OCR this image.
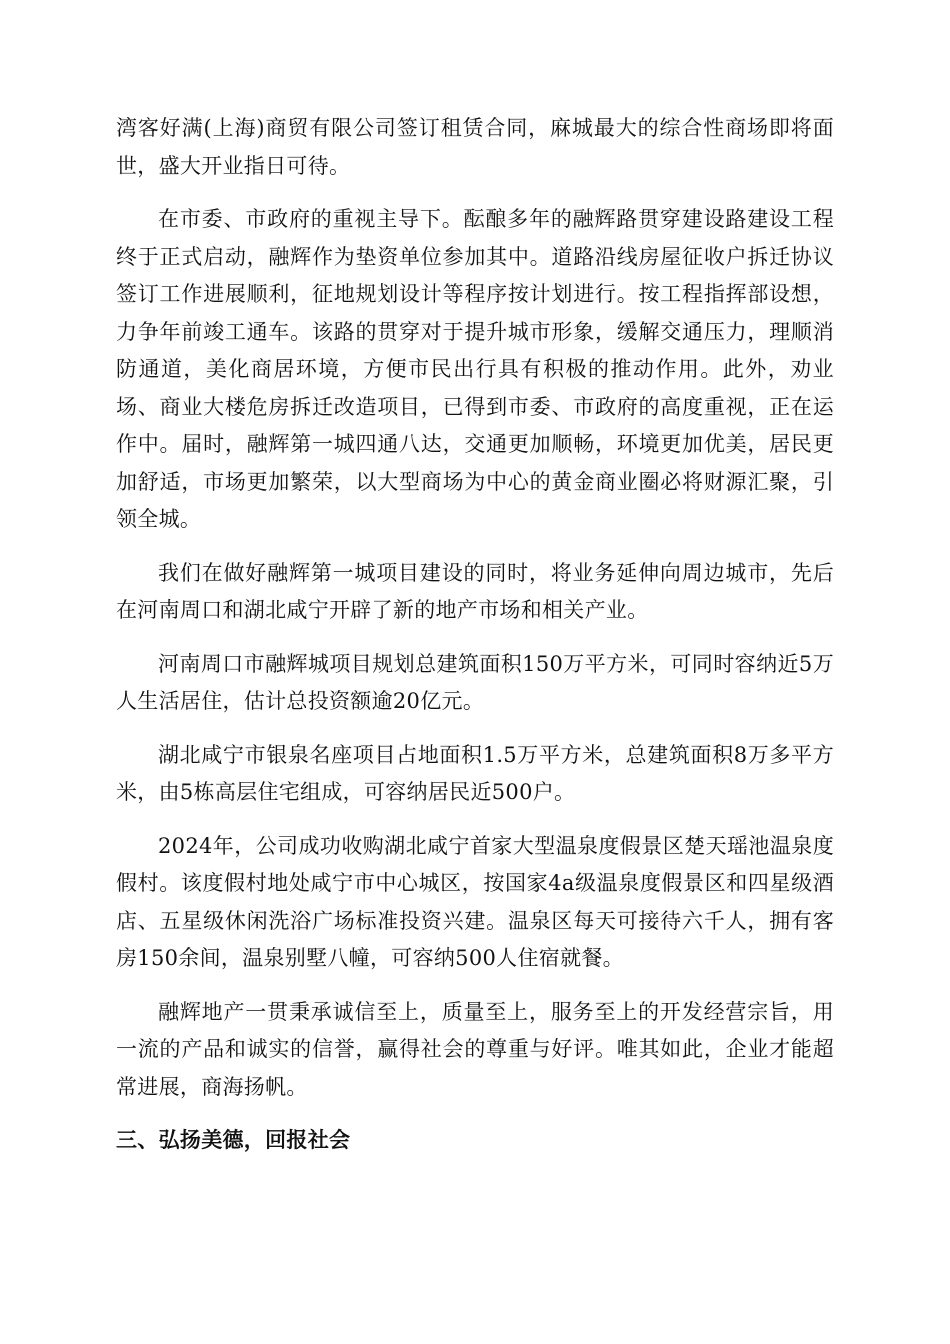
湾客好满(上海)商贸有限公司签订租赁合同，麻城最大的综合性商场即将面世，盛大开业指日可待。

在市委、市政府的重视主导下。酝酿多年的融辉路贯穿建设路建设工程终于正式启动，融辉作为垫资单位参加其中。道路沿线房屋征收户拆迁协议签订工作进展顺利，征地规划设计等程序按计划进行。按工程指挥部设想，力争年前竣工通车。该路的贯穿对于提升城市形象，缓解交通压力，理顺消防通道，美化商居环境，方便市民出行具有积极的推动作用。此外，劝业场、商业大楼危房拆迁改造项目，已得到市委、市政府的高度重视，正在运作中。届时，融辉第一城四通八达，交通更加顺畅，环境更加优美，居民更加舒适，市场更加繁荣，以大型商场为中心的黄金商业圈必将财源汇聚，引领全城。

我们在做好融辉第一城项目建设的同时，将业务延伸向周边城市，先后在河南周口和湖北咸宁开辟了新的地产市场和相关产业。

河南周口市融辉城项目规划总建筑面积150万平方米，可同时容纳近5万人生活居住，估计总投资额逾20亿元。

湖北咸宁市银泉名座项目占地面积1.5万平方米，总建筑面积8万多平方米，由5栋高层住宅组成，可容纳居民近500户。

2024年，公司成功收购湖北咸宁首家大型温泉度假景区楚天瑶池温泉度假村。该度假村地处咸宁市中心城区，按国家4a级温泉度假景区和四星级酒店、五星级休闲洗浴广场标准投资兴建。温泉区每天可接待六千人，拥有客房150余间，温泉别墅八幢，可容纳500人住宿就餐。

融辉地产一贯秉承诚信至上，质量至上，服务至上的开发经营宗旨，用一流的产品和诚实的信誉，赢得社会的尊重与好评。唯其如此，企业才能超常进展，商海扬帆。

三、弘扬美德，回报社会
